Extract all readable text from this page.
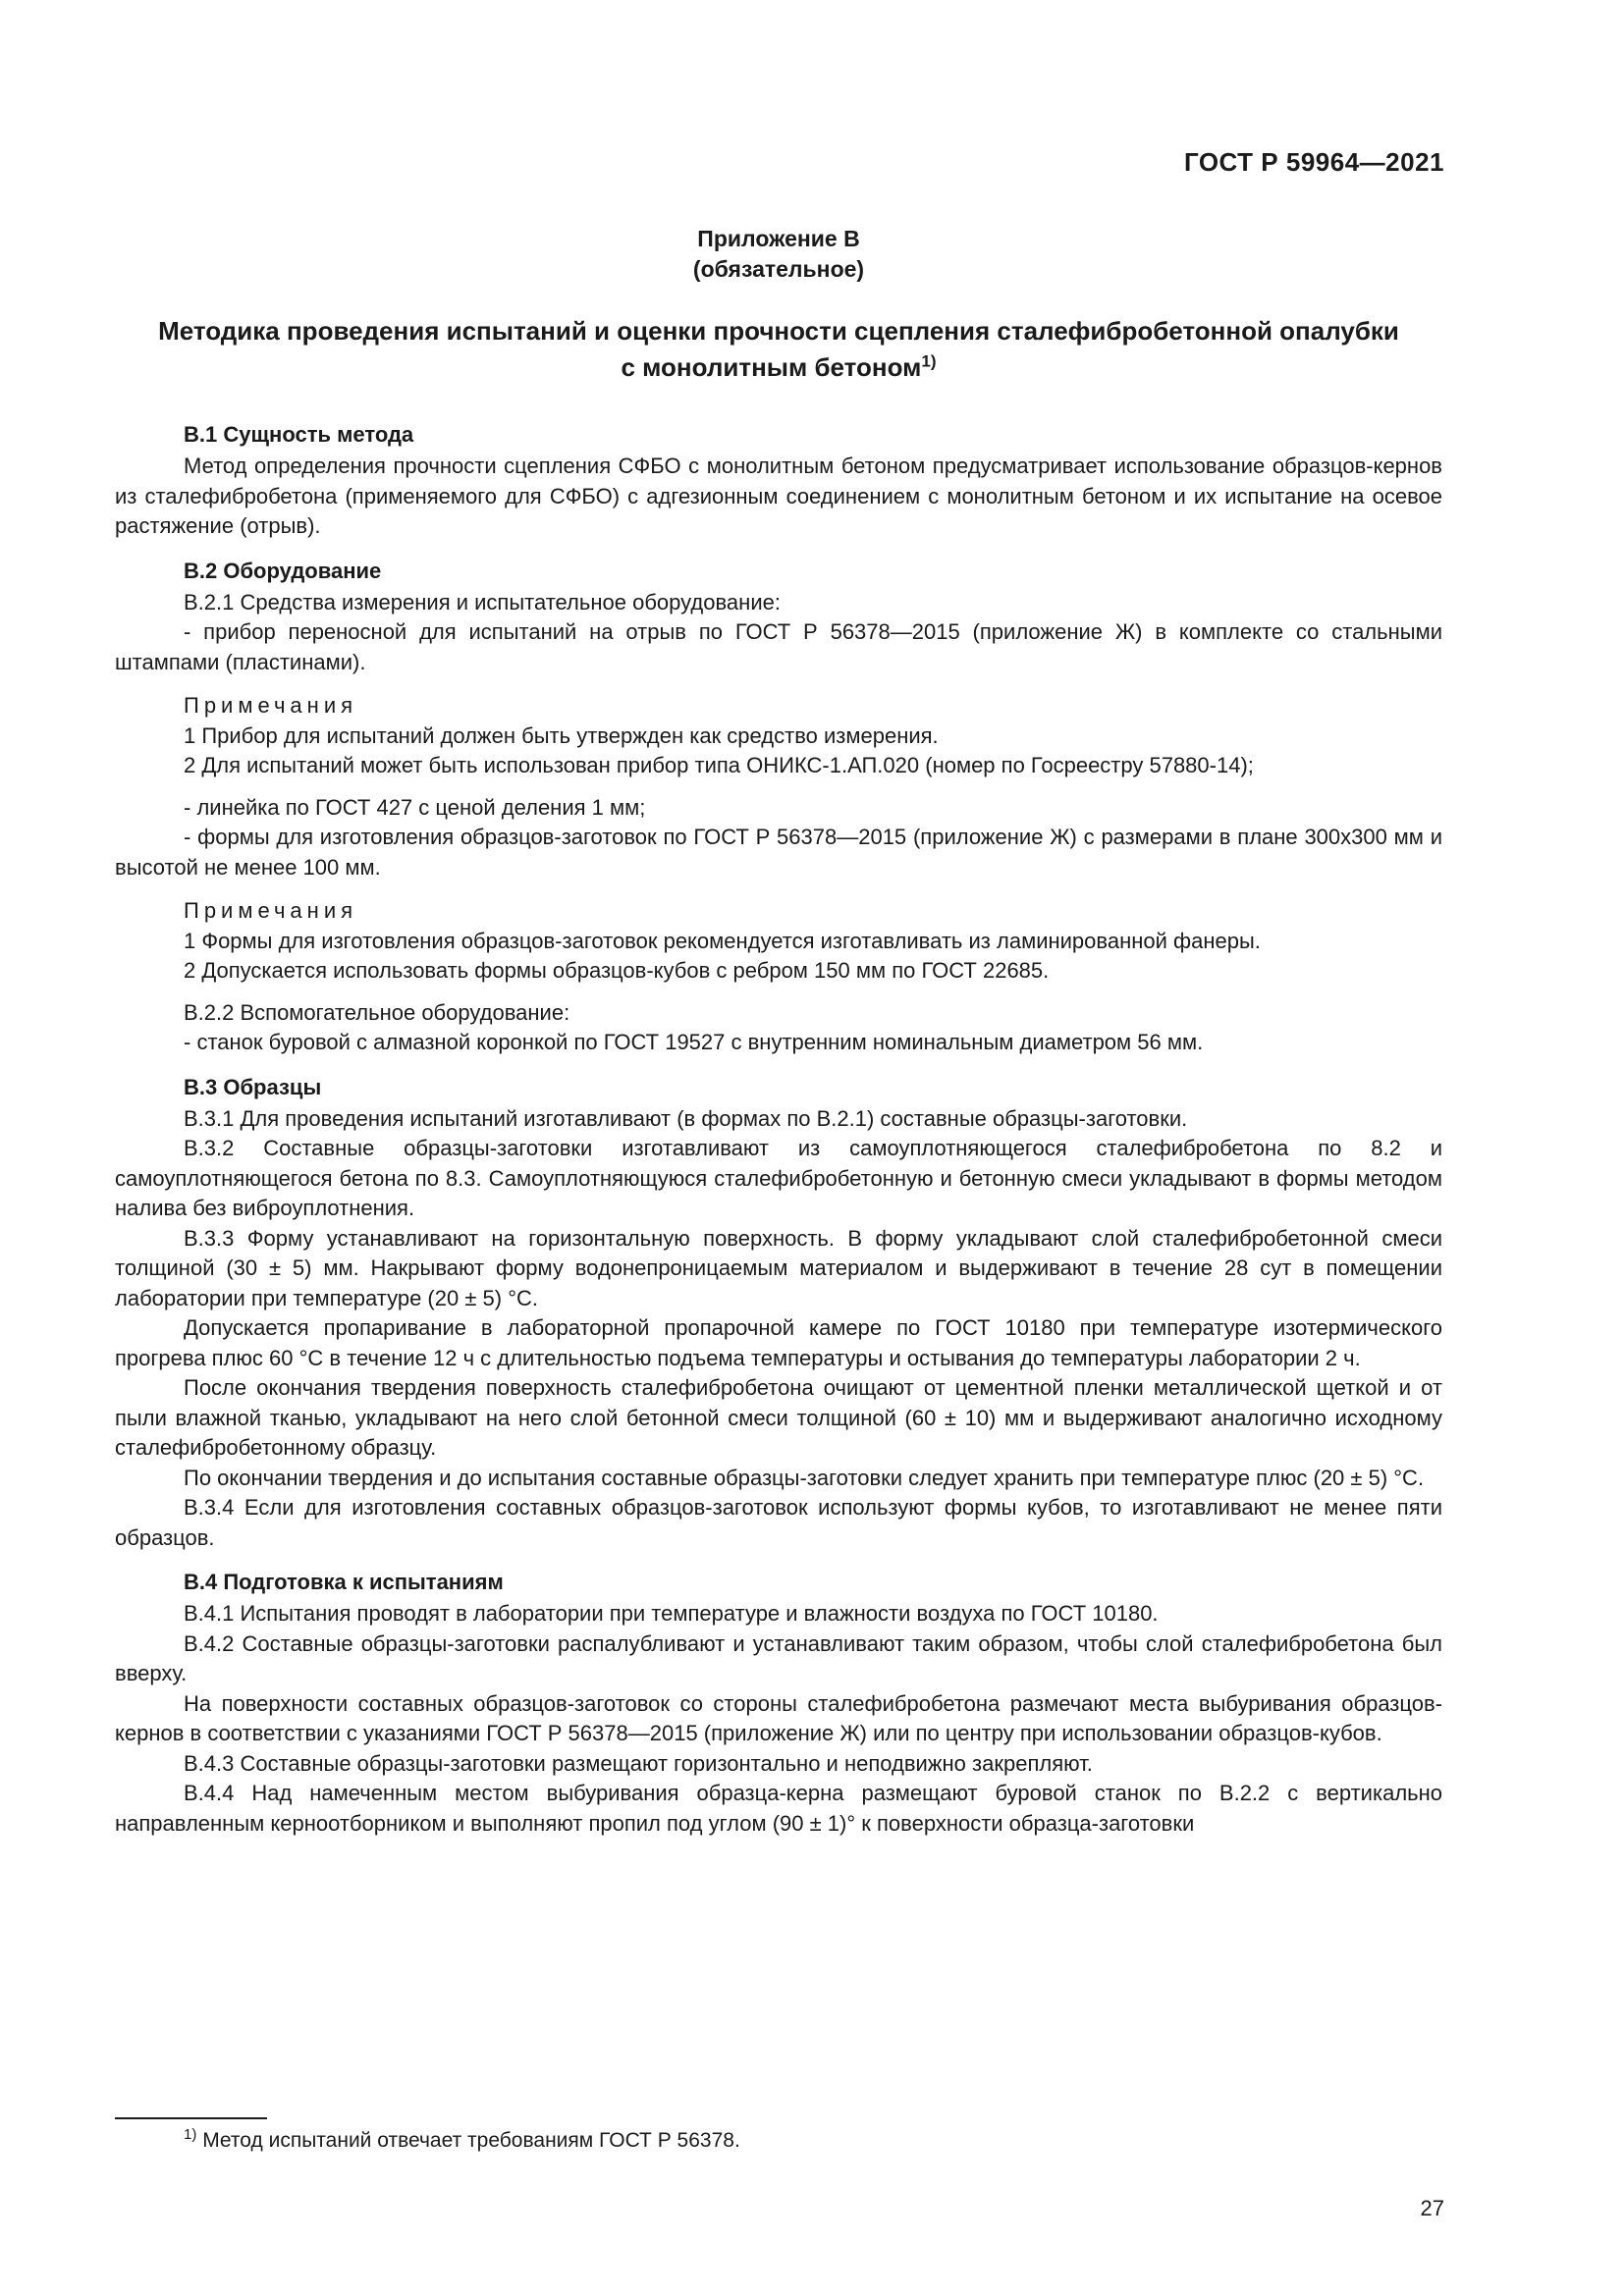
ГОСТ Р 59964—2021
Приложение В
(обязательное)
Методика проведения испытаний и оценки прочности сцепления сталефибробетонной опалубки с монолитным бетоном$^{1)}$
В.1 Сущность метода

Метод определения прочности сцепления СФБО с монолитным бетоном предусматривает использование образцов-кернов из сталефибробетона (применяемого для СФБО) с адгезионным соединением с монолитным бетоном и их испытание на осевое растяжение (отрыв).

В.2 Оборудование

В.2.1 Средства измерения и испытательное оборудование:

- прибор переносной для испытаний на отрыв по ГОСТ Р 56378—2015 (приложение Ж) в комплекте со стальными штампами (пластинами).

Примечания

1 Прибор для испытаний должен быть утвержден как средство измерения.

2 Для испытаний может быть использован прибор типа ОНИКС-1.АП.020 (номер по Госреестру 57880-14);

- линейка по ГОСТ 427 с ценой деления 1 мм;

- формы для изготовления образцов-заготовок по ГОСТ Р 56378—2015 (приложение Ж) с размерами в плане 300x300 мм и высотой не менее 100 мм.

Примечания

1 Формы для изготовления образцов-заготовок рекомендуется изготавливать из ламинированной фанеры.

2 Допускается использовать формы образцов-кубов с ребром 150 мм по ГОСТ 22685.

В.2.2 Вспомогательное оборудование:

- станок буровой с алмазной коронкой по ГОСТ 19527 с внутренним номинальным диаметром 56 мм.

В.3 Образцы

В.3.1 Для проведения испытаний изготавливают (в формах по В.2.1) составные образцы-заготовки.

В.3.2 Составные образцы-заготовки изготавливают из самоуплотняющегося сталефибробетона по 8.2 и самоуплотняющегося бетона по 8.3. Самоуплотняющуюся сталефибробетонную и бетонную смеси укладывают в формы методом налива без виброуплотнения.

В.3.3 Форму устанавливают на горизонтальную поверхность. В форму укладывают слой сталефибробетонной смеси толщиной (30 ± 5) мм. Накрывают форму водонепроницаемым материалом и выдерживают в течение 28 сут в помещении лаборатории при температуре (20 ± 5) °С.

Допускается пропаривание в лабораторной пропарочной камере по ГОСТ 10180 при температуре изотермического прогрева плюс 60 °С в течение 12 ч с длительностью подъема температуры и остывания до температуры лаборатории 2 ч.

После окончания твердения поверхность сталефибробетона очищают от цементной пленки металлической щеткой и от пыли влажной тканью, укладывают на него слой бетонной смеси толщиной (60 ± 10) мм и выдерживают аналогично исходному сталефибробетонному образцу.

По окончании твердения и до испытания составные образцы-заготовки следует хранить при температуре плюс (20 ± 5) °С.

В.3.4 Если для изготовления составных образцов-заготовок используют формы кубов, то изготавливают не менее пяти образцов.

В.4 Подготовка к испытаниям

В.4.1 Испытания проводят в лаборатории при температуре и влажности воздуха по ГОСТ 10180.

В.4.2 Составные образцы-заготовки распалубливают и устанавливают таким образом, чтобы слой сталефибробетона был вверху.

На поверхности составных образцов-заготовок со стороны сталефибробетона размечают места выбуривания образцов-кернов в соответствии с указаниями ГОСТ Р 56378—2015 (приложение Ж) или по центру при использовании образцов-кубов.

В.4.3 Составные образцы-заготовки размещают горизонтально и неподвижно закрепляют.

В.4.4 Над намеченным местом выбуривания образца-керна размещают буровой станок по В.2.2 с вертикально направленным керноотборником и выполняют пропил под углом (90 ± 1)° к поверхности образца-заготовки

$^{1)}$ Метод испытаний отвечает требованиям ГОСТ Р 56378.
27
